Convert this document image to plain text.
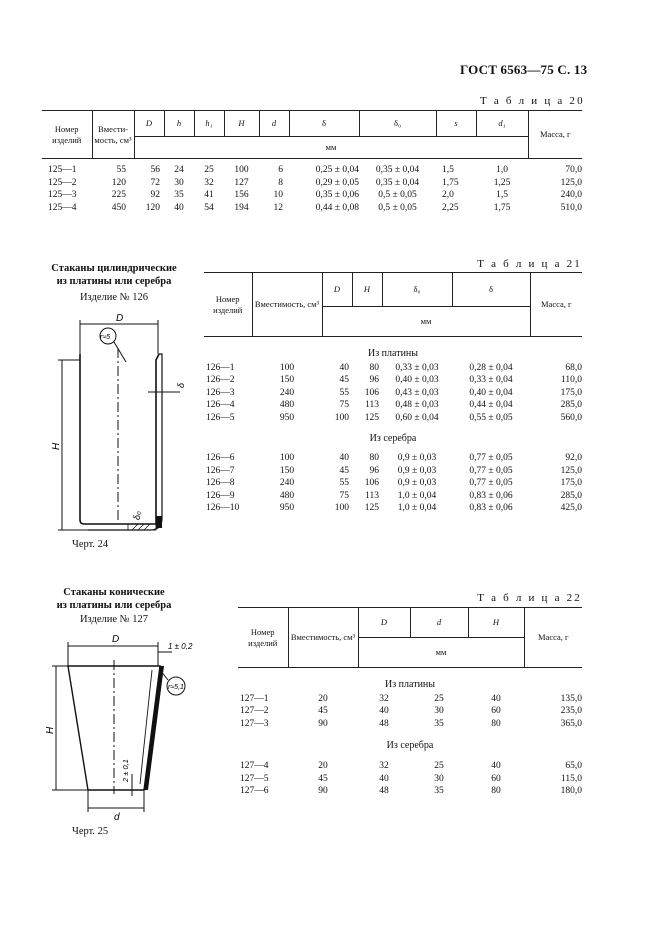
ГОСТ 6563—75 С. 13
Т а б л и ц а 20
Номер изделий	Вмести- мость, см³	D	h	h₁	H	d	δ	δ₀	s	d₁	Масса, г
		мм									

125—1	55	56	24	25	100	6	0,25 ± 0,04	0,35 ± 0,04	1,5	1,0	70,0
125—2	120	72	30	32	127	8	0,29 ± 0,05	0,35 ± 0,04	1,75	1,25	125,0
125—3	225	92	35	41	156	10	0,35 ± 0,06	0,5 ± 0,05	2,0	1,5	240,0
125—4	450	120	40	54	194	12	0,44 ± 0,08	0,5 ± 0,05	2,25	1,75	510,0
Стаканы цилиндрические
из платины или серебра
Изделие № 126
D
r≈5
H
δ
δ₀
Черт. 24
Т а б л и ц а 21
Номер изделий	Вместимость, см³	D	H	δ₀	δ	Масса, г
		мм				
Из платины						
126—1	100	40	80	0,33 ± 0,03	0,28 ± 0,04	68,0
126—2	150	45	96	0,40 ± 0,03	0,33 ± 0,04	110,0
126—3	240	55	106	0,43 ± 0,03	0,40 ± 0,04	175,0
126—4	480	75	113	0,48 ± 0,03	0,44 ± 0,04	285,0
126—5	950	100	125	0,60 ± 0,04	0,55 ± 0,05	560,0
Из серебра						
126—6	100	40	80	0,9 ± 0,03	0,77 ± 0,05	92,0
126—7	150	45	96	0,9 ± 0,03	0,77 ± 0,05	125,0
126—8	240	55	106	0,9 ± 0,03	0,77 ± 0,05	175,0
126—9	480	75	113	1,0 ± 0,04	0,83 ± 0,06	285,0
126—10	950	100	125	1,0 ± 0,04	0,83 ± 0,06	425,0
Стаканы конические
из платины или серебра
Изделие № 127
D
1 ± 0,2
r≈5,1
H
2 ± 0,1
d
Черт. 25
Т а б л и ц а 22
Номер изделий	Вместимость, см³	D	d	H	Масса, г
		мм			
Из платины					
127—1	20	32	25	40	135,0
127—2	45	40	30	60	235,0
127—3	90	48	35	80	365,0
Из серебра					
127—4	20	32	25	40	65,0
127—5	45	40	30	60	115,0
127—6	90	48	35	80	180,0
